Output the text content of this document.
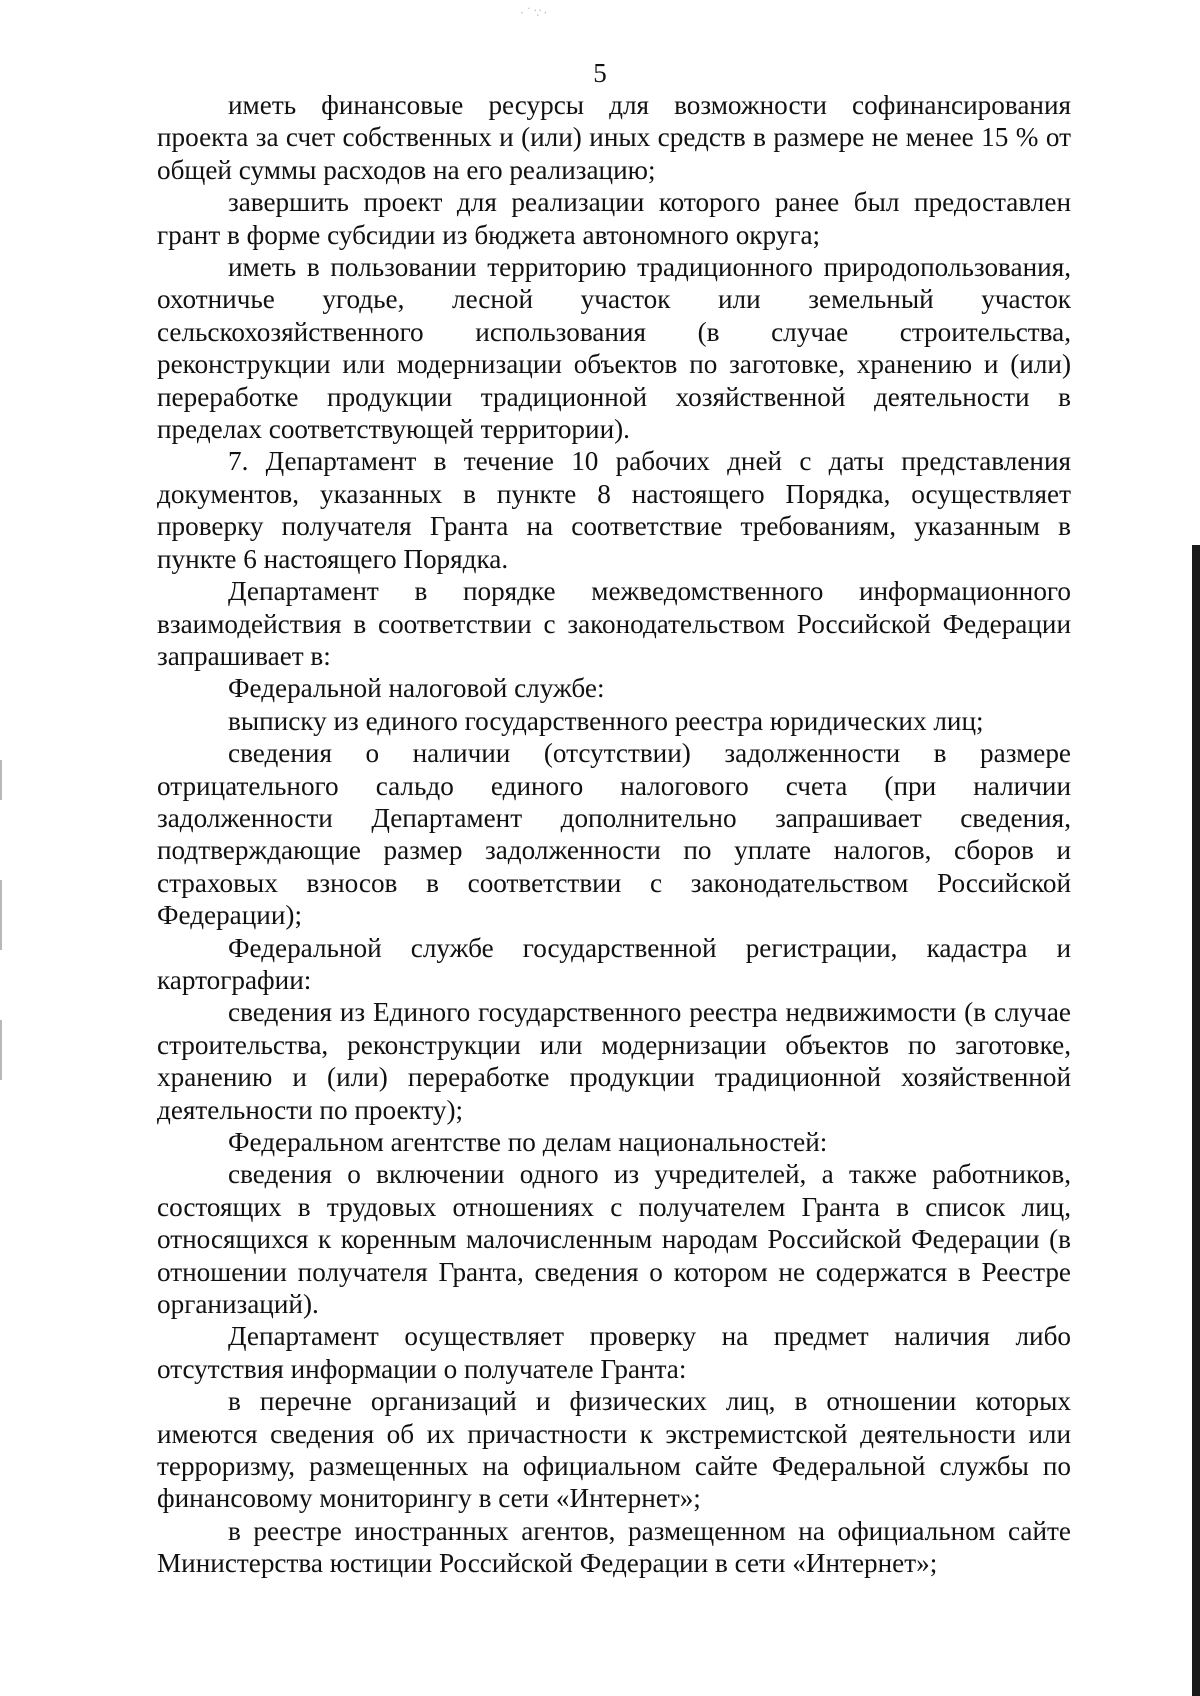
·˙∵·
5

иметь финансовые ресурсы для возможности софинансирования проекта за счет собственных и (или) иных средств в размере не менее 15 % от общей суммы расходов на его реализацию;

завершить проект для реализации которого ранее был предоставлен грант в форме субсидии из бюджета автономного округа;

иметь в пользовании территорию традиционного природопользования, охотничье угодье, лесной участок или земельный участок сельскохозяйственного использования (в случае строительства, реконструкции или модернизации объектов по заготовке, хранению и (или) переработке продукции традиционной хозяйственной деятельности в пределах соответствующей территории).

7. Департамент в течение 10 рабочих дней с даты представления документов, указанных в пункте 8 настоящего Порядка, осуществляет проверку получателя Гранта на соответствие требованиям, указанным в пункте 6 настоящего Порядка.

Департамент в порядке межведомственного информационного взаимодействия в соответствии с законодательством Российской Федерации запрашивает в:

Федеральной налоговой службе:

выписку из единого государственного реестра юридических лиц;

сведения о наличии (отсутствии) задолженности в размере отрицательного сальдо единого налогового счета (при наличии задолженности Департамент дополнительно запрашивает сведения, подтверждающие размер задолженности по уплате налогов, сборов и страховых взносов в соответствии с законодательством Российской Федерации);

Федеральной службе государственной регистрации, кадастра и картографии:

сведения из Единого государственного реестра недвижимости (в случае строительства, реконструкции или модернизации объектов по заготовке, хранению и (или) переработке продукции традиционной хозяйственной деятельности по проекту);

Федеральном агентстве по делам национальностей:

сведения о включении одного из учредителей, а также работников, состоящих в трудовых отношениях с получателем Гранта в список лиц, относящихся к коренным малочисленным народам Российской Федерации (в отношении получателя Гранта, сведения о котором не содержатся в Реестре организаций).

Департамент осуществляет проверку на предмет наличия либо отсутствия информации о получателе Гранта:

в перечне организаций и физических лиц, в отношении которых имеются сведения об их причастности к экстремистской деятельности или терроризму, размещенных на официальном сайте Федеральной службы по финансовому мониторингу в сети «Интернет»;

в реестре иностранных агентов, размещенном на официальном сайте Министерства юстиции Российской Федерации в сети «Интернет»;
